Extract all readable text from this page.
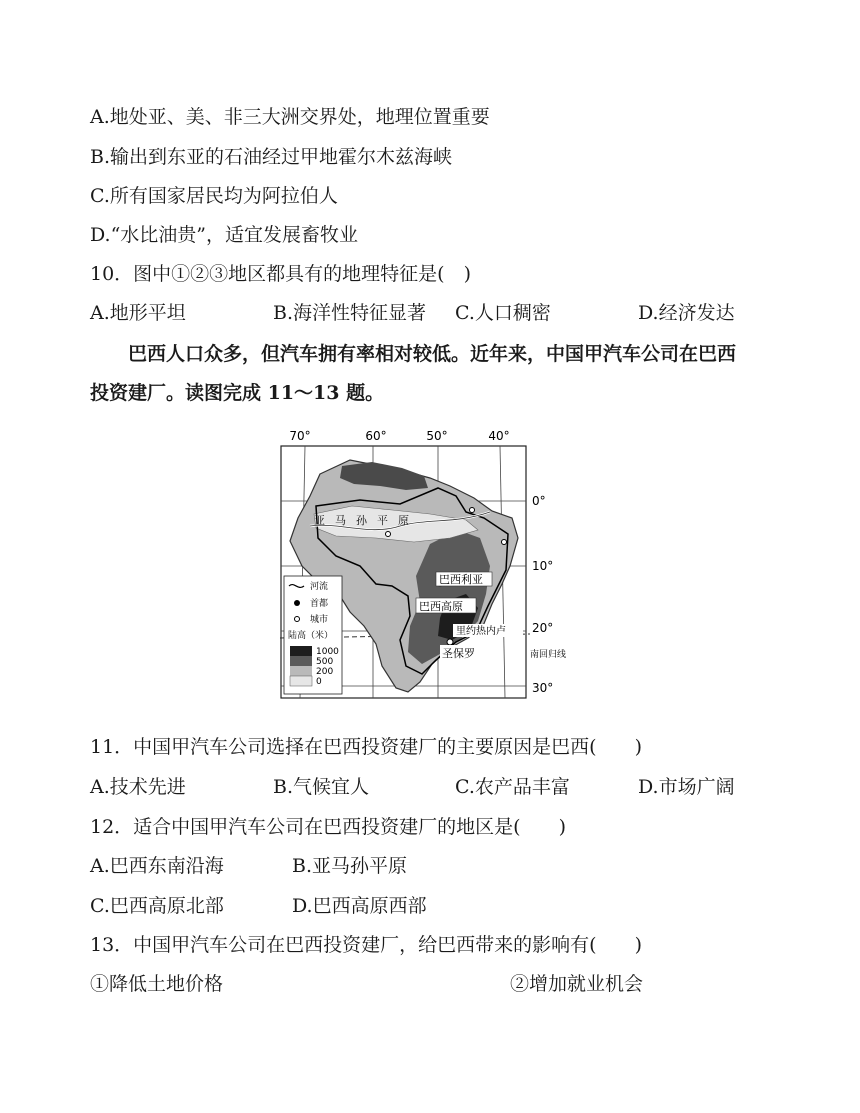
A.地处亚、美、非三大洲交界处，地理位置重要
B.输出到东亚的石油经过甲地霍尔木兹海峡
C.所有国家居民均为阿拉伯人
D.“水比油贵”，适宜发展畜牧业
10．图中①②③地区都具有的地理特征是(　)
A.地形平坦	B.海洋性特征显著 C.人口稠密	D.经济发达
巴西人口众多，但汽车拥有率相对较低。近年来，中国甲汽车公司在巴西
投资建厂。读图完成 11～13 题。
亚马孙平原
巴西利亚
巴西高原
里约热内卢
圣保罗	南回归线
70°	60°	50°	40°
0°
10°
20°
30°
河流
首都
城市
陆高（米）
1000
500
200
0
11．中国甲汽车公司选择在巴西投资建厂的主要原因是巴西(　　)
A.技术先进	B.气候宜人	C.农产品丰富	D.市场广阔
12．适合中国甲汽车公司在巴西投资建厂的地区是(　　)
A.巴西东南沿海	B.亚马孙平原
C.巴西高原北部	D.巴西高原西部
13．中国甲汽车公司在巴西投资建厂，给巴西带来的影响有(　　)
①降低土地价格	②增加就业机会
